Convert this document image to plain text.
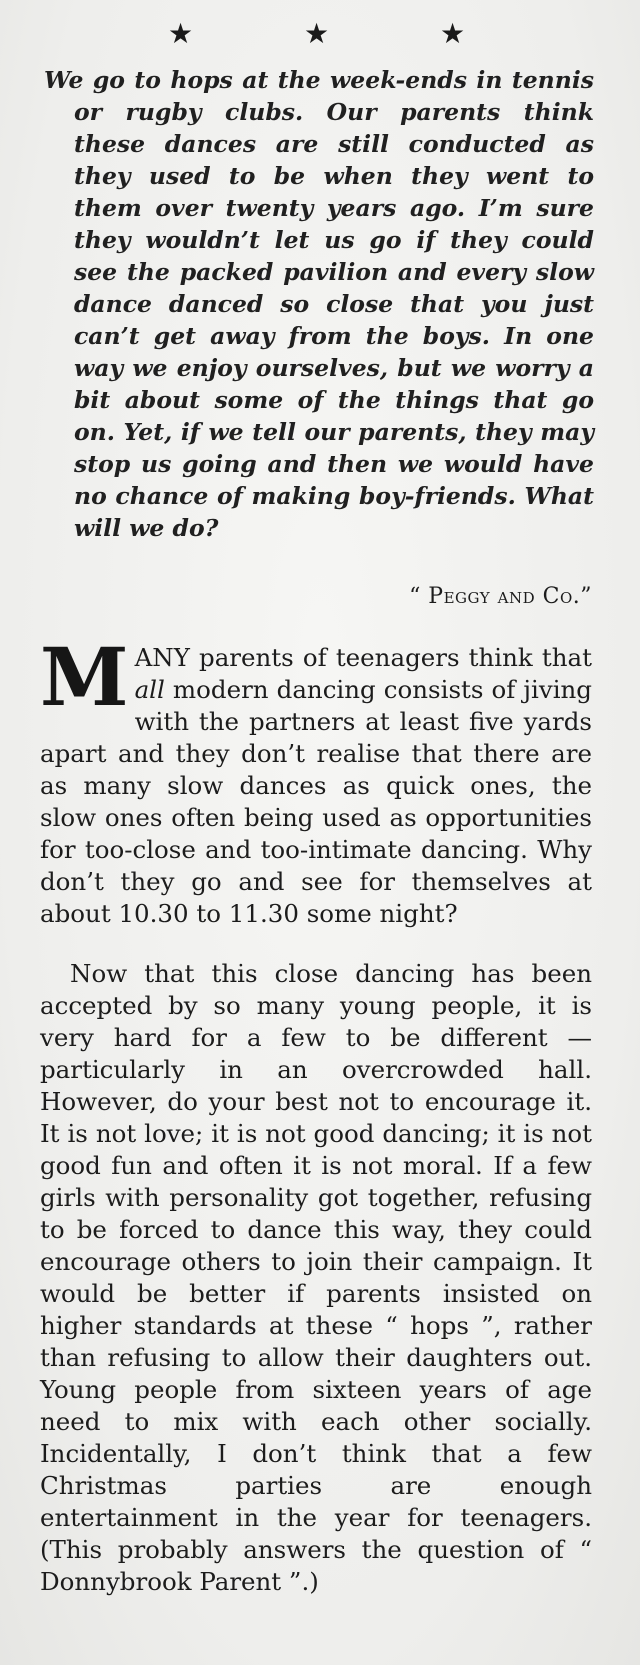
★	★	★

We go to hops at the week-ends in tennis or rugby clubs. Our parents think these dances are still conducted as they used to be when they went to them over twenty years ago. I’m sure they wouldn’t let us go if they could see the packed pavilion and every slow dance danced so close that you just can’t get away from the boys. In one way we enjoy ourselves, but we worry a bit about some of the things that go on. Yet, if we tell our parents, they may stop us going and then we would have no chance of making boy-friends. What will we do?

“ Peggy and Co.”

MANY parents of teenagers think that all modern dancing consists of jiving with the partners at least five yards apart and they don’t realise that there are as many slow dances as quick ones, the slow ones often being used as opportunities for too-close and too-intimate dancing. Why don’t they go and see for themselves at about 10.30 to 11.30 some night?

Now that this close dancing has been accepted by so many young people, it is very hard for a few to be different — particularly in an overcrowded hall. However, do your best not to encourage it. It is not love; it is not good dancing; it is not good fun and often it is not moral. If a few girls with personality got together, refusing to be forced to dance this way, they could encourage others to join their campaign. It would be better if parents insisted on higher standards at these “ hops ”, rather than refusing to allow their daughters out. Young people from sixteen years of age need to mix with each other socially. Incidentally, I don’t think that a few Christmas parties are enough entertainment in the year for teenagers. (This probably answers the question of “ Donnybrook Parent ”.)
